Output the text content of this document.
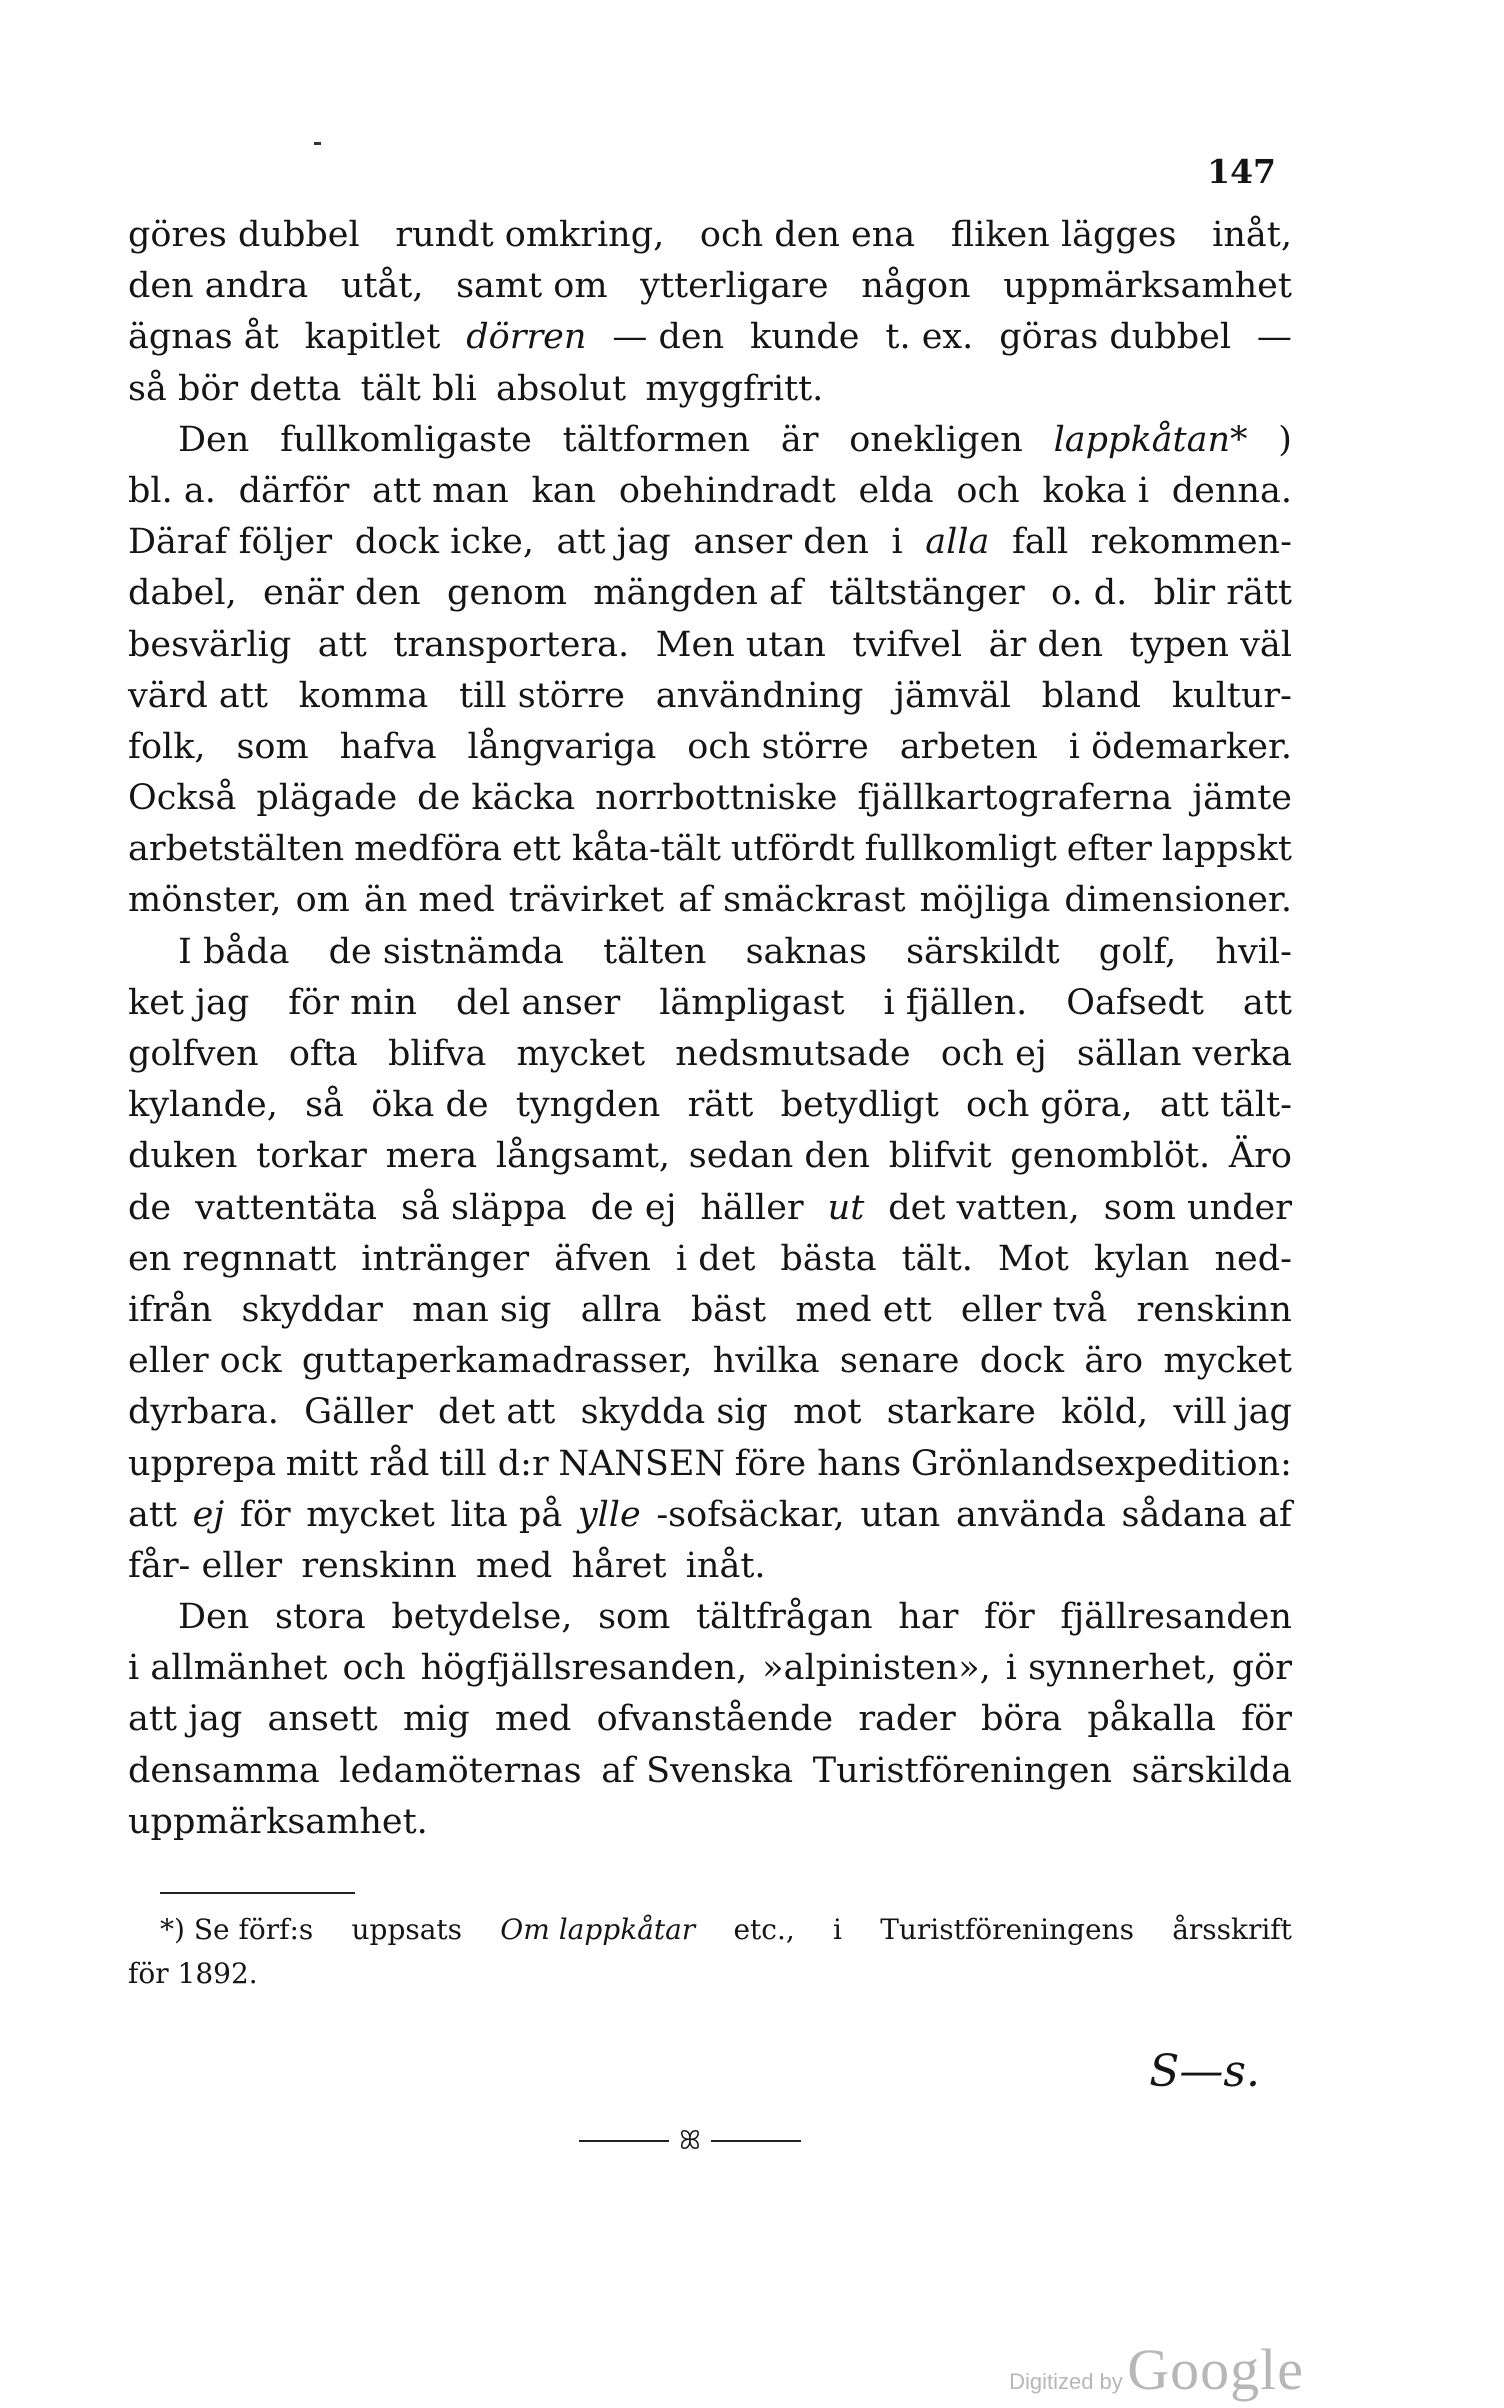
147
göres dubbel rundt omkring, och den ena fliken lägges inåt,
den andra utåt, samt om ytterligare någon uppmärksamhet
ägnas åt kapitlet dörren — den kunde t. ex. göras dubbel —
så bör detta tält bli absolut myggfritt.
Den fullkomligaste tältformen är onekligen lappkåtan* )
bl. a. därför att man kan obehindradt elda och koka i denna.
Däraf följer dock icke, att jag anser den i alla fall rekommen-
dabel, enär den genom mängden af tältstänger o. d. blir rätt
besvärlig att transportera. Men utan tvifvel är den typen väl
värd att komma till större användning jämväl bland kultur-
folk, som hafva långvariga och större arbeten i ödemarker.
Också plägade de käcka norrbottniske fjällkartograferna jämte
arbetstälten medföra ett kåta-tält utfördt fullkomligt efter lappskt
mönster, om än med trävirket af smäckrast möjliga dimensioner.
I båda de sistnämda tälten saknas särskildt golf, hvil-
ket jag för min del anser lämpligast i fjällen. Oafsedt att
golfven ofta blifva mycket nedsmutsade och ej sällan verka
kylande, så öka de tyngden rätt betydligt och göra, att tält-
duken torkar mera långsamt, sedan den blifvit genomblöt. Äro
de vattentäta så släppa de ej häller ut det vatten, som under
en regnnatt intränger äfven i det bästa tält. Mot kylan ned-
ifrån skyddar man sig allra bäst med ett eller två renskinn
eller ock guttaperkamadrasser, hvilka senare dock äro mycket
dyrbara. Gäller det att skydda sig mot starkare köld, vill jag
upprepa mitt råd till d:r NANSEN före hans Grönlandsexpedition:
att ej för mycket lita på ylle -sofsäckar, utan använda sådana af
får- eller renskinn med håret inåt.
Den stora betydelse, som tältfrågan har för fjällresanden
i allmänhet och högfjällsresanden, »alpinisten», i synnerhet, gör
att jag ansett mig med ofvanstående rader böra påkalla för
densamma ledamöternas af Svenska Turistföreningen särskilda
uppmärksamhet.
*) Se förf:s uppsats Om lappkåtar etc., i Turistföreningens årsskrift
för 1892.
S—s.
ꕤ
Digitized by Google
